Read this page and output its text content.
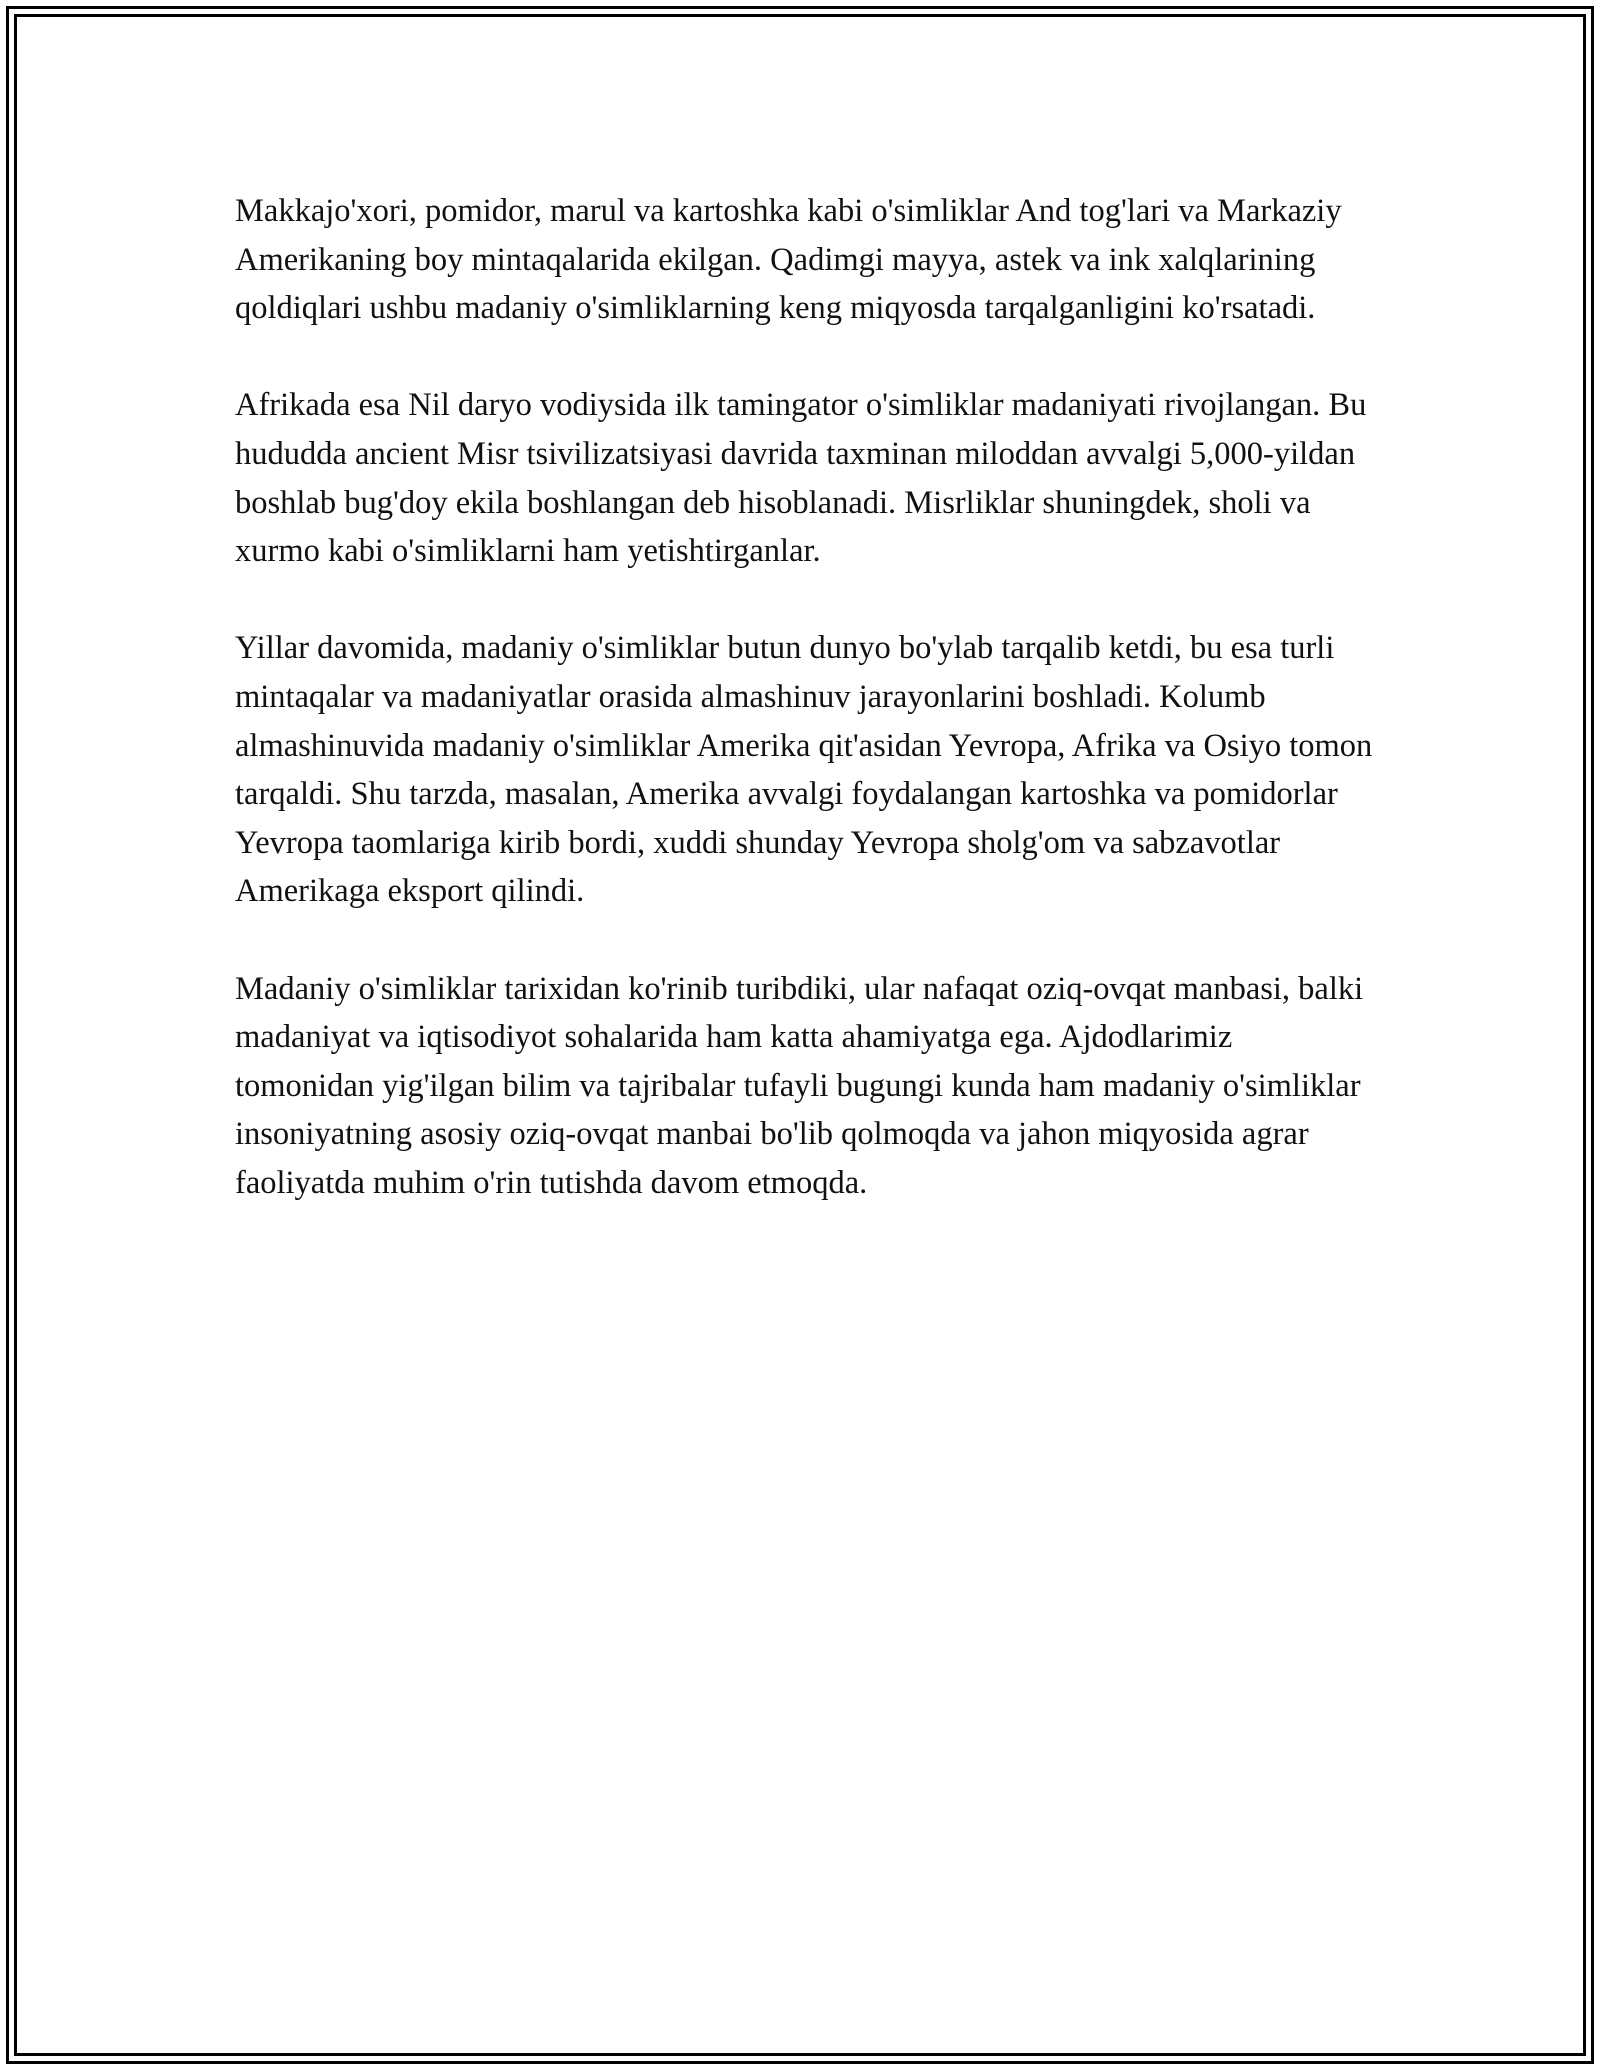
Makkajo'xori, pomidor, marul va kartoshka kabi o'simliklar And tog'lari va Markaziy Amerikaning boy mintaqalarida ekilgan. Qadimgi mayya, astek va ink xalqlarining qoldiqlari ushbu madaniy o'simliklarning keng miqyosda tarqalganligini ko'rsatadi.

Afrikada esa Nil daryo vodiysida ilk tamingator o'simliklar madaniyati rivojlangan. Bu hududda ancient Misr tsivilizatsiyasi davrida taxminan miloddan avvalgi 5,000-yildan boshlab bug'doy ekila boshlangan deb hisoblanadi. Misrliklar shuningdek, sholi va xurmo kabi o'simliklarni ham yetishtirganlar.

Yillar davomida, madaniy o'simliklar butun dunyo bo'ylab tarqalib ketdi, bu esa turli mintaqalar va madaniyatlar orasida almashinuv jarayonlarini boshladi. Kolumb almashinuvida madaniy o'simliklar Amerika qit'asidan Yevropa, Afrika va Osiyo tomon tarqaldi. Shu tarzda, masalan, Amerika avvalgi foydalangan kartoshka va pomidorlar Yevropa taomlariga kirib bordi, xuddi shunday Yevropa sholg'om va sabzavotlar Amerikaga eksport qilindi.

Madaniy o'simliklar tarixidan ko'rinib turibdiki, ular nafaqat oziq-ovqat manbasi, balki madaniyat va iqtisodiyot sohalarida ham katta ahamiyatga ega. Ajdodlarimiz tomonidan yig'ilgan bilim va tajribalar tufayli bugungi kunda ham madaniy o'simliklar insoniyatning asosiy oziq-ovqat manbai bo'lib qolmoqda va jahon miqyosida agrar faoliyatda muhim o'rin tutishda davom etmoqda.
